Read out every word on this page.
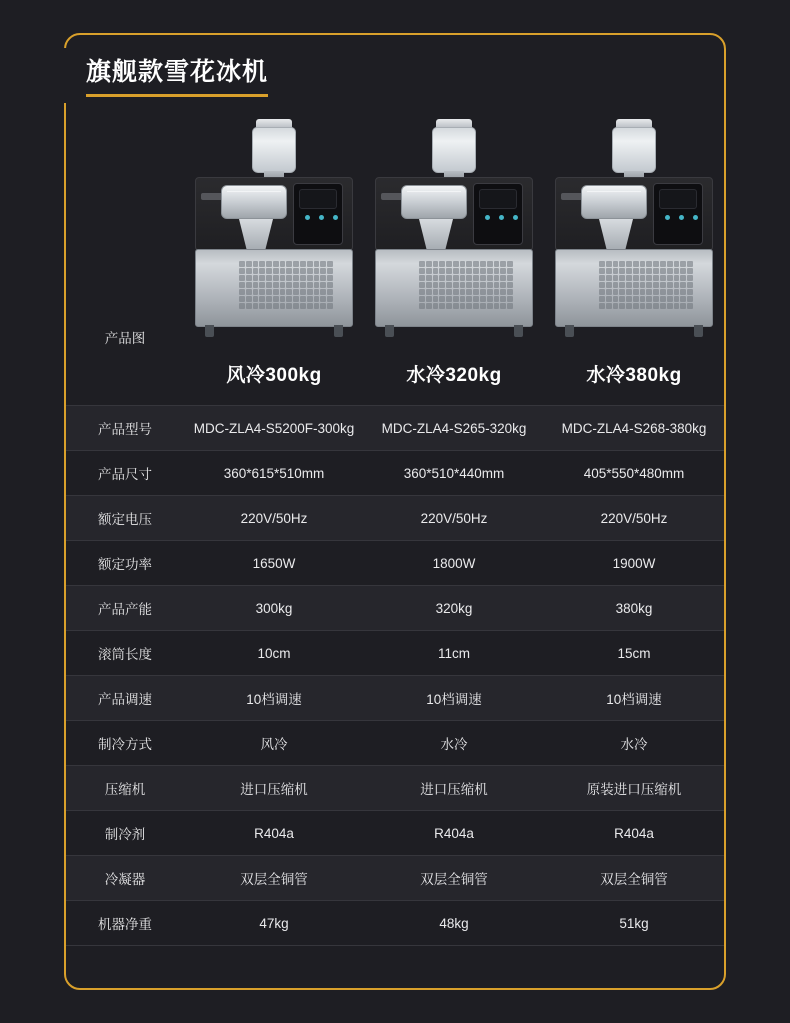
旗舰款雪花冰机
产品图
风冷300kg	水冷320kg	水冷380kg
产品型号	MDC-ZLA4-S5200F-300kg	MDC-ZLA4-S265-320kg	MDC-ZLA4-S268-380kg
产品尺寸	360*615*510mm	360*510*440mm	405*550*480mm
额定电压	220V/50Hz	220V/50Hz	220V/50Hz
额定功率	1650W	1800W	1900W
产品产能	300kg	320kg	380kg
滚筒长度	10cm	11cm	15cm
产品调速	10档调速	10档调速	10档调速
制冷方式	风冷	水冷	水冷
压缩机	进口压缩机	进口压缩机	原装进口压缩机
制冷剂	R404a	R404a	R404a
冷凝器	双层全铜管	双层全铜管	双层全铜管
机器净重	47kg	48kg	51kg
